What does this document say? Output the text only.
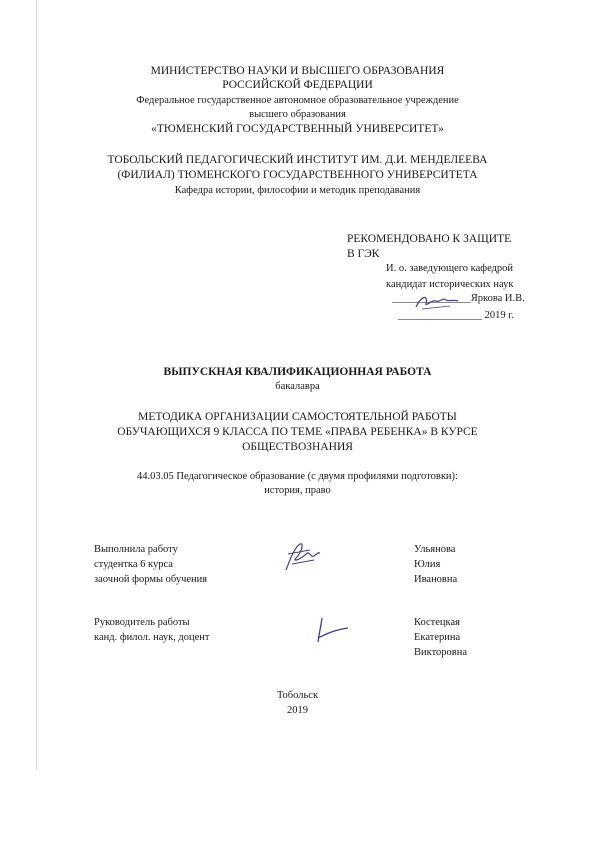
МИНИСТЕРСТВО НАУКИ И ВЫСШЕГО ОБРАЗОВАНИЯ
РОССИЙСКОЙ ФЕДЕРАЦИИ
Федеральное государственное автономное образовательное учреждение
высшего образования
«ТЮМЕНСКИЙ ГОСУДАРСТВЕННЫЙ УНИВЕРСИТЕТ»
ТОБОЛЬСКИЙ ПЕДАГОГИЧЕСКИЙ ИНСТИТУТ ИМ. Д.И. МЕНДЕЛЕЕВА
(ФИЛИАЛ) ТЮМЕНСКОГО ГОСУДАРСТВЕННОГО УНИВЕРСИТЕТА
Кафедра истории, философии и методик преподавания
РЕКОМЕНДОВАНО К ЗАЩИТЕ
В ГЭК
И. о. заведующего кафедрой
кандидат исторических наук
_______________Яркова И.В.
________________ 2019 г.
ВЫПУСКНАЯ КВАЛИФИКАЦИОННАЯ РАБОТА
бакалавра
МЕТОДИКА ОРГАНИЗАЦИИ САМОСТОЯТЕЛЬНОЙ РАБОТЫ
ОБУЧАЮЩИХСЯ 9 КЛАССА ПО ТЕМЕ «ПРАВА РЕБЕНКА» В КУРСЕ
ОБЩЕСТВОЗНАНИЯ
44.03.05 Педагогическое образование (с двумя профилями подготовки):
история, право
Выполнила работу
студентка 6 курса
заочной формы обучения
Ульянова
Юлия
Ивановна
Руководитель работы
канд. филол. наук, доцент
Костецкая
Екатерина
Викторовна
Тобольск
2019
